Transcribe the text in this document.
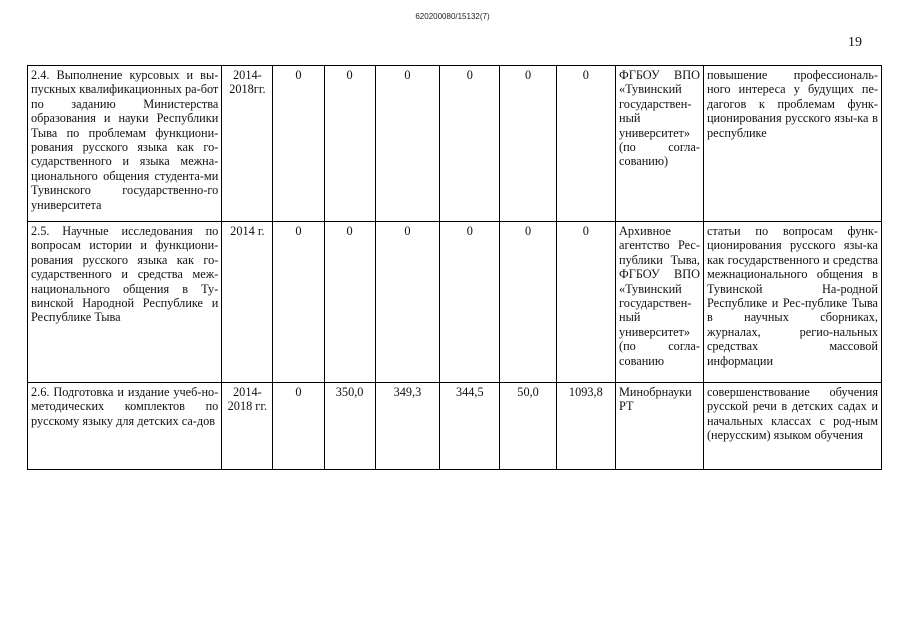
620200080/15132(7)
19
2.4. Выполнение курсовых и вы-пускных квалификационных ра-бот по заданию Министерства образования и науки Республики Тыва по проблемам функциони-рования русского языка как го-сударственного и языка межна-ционального общения студента-ми Тувинского государственно-го университета	2014-2018гг.	0	0	0	0	0	0	ФГБОУ ВПО «Тувинский государствен-ный университет» (по согла-сованию)	повышение профессиональ-ного интереса у будущих пе-дагогов к проблемам функ-ционирования русского язы-ка в республике
2.5. Научные исследования по вопросам истории и функциони-рования русского языка как го-сударственного и средства меж-национального общения в Ту-винской Народной Республике и Республике Тыва	2014 г.	0	0	0	0	0	0	Архивное агентство Рес-публики Тыва, ФГБОУ ВПО «Тувинский государствен-ный университет» (по согла-сованию	статьи по вопросам функ-ционирования русского язы-ка как государственного и средства межнационального общения в Тувинской На-родной Республике и Рес-публике Тыва в научных сборниках, журналах, регио-нальных средствах массовой информации
2.6. Подготовка и издание учеб-но-методических комплектов по русскому языку для детских са-дов	2014-2018 гг.	0	350,0	349,3	344,5	50,0	1093,8	Минобрнауки РТ	совершенствование обучения русской речи в детских садах и начальных классах с род-ным (нерусским) языком обучения
